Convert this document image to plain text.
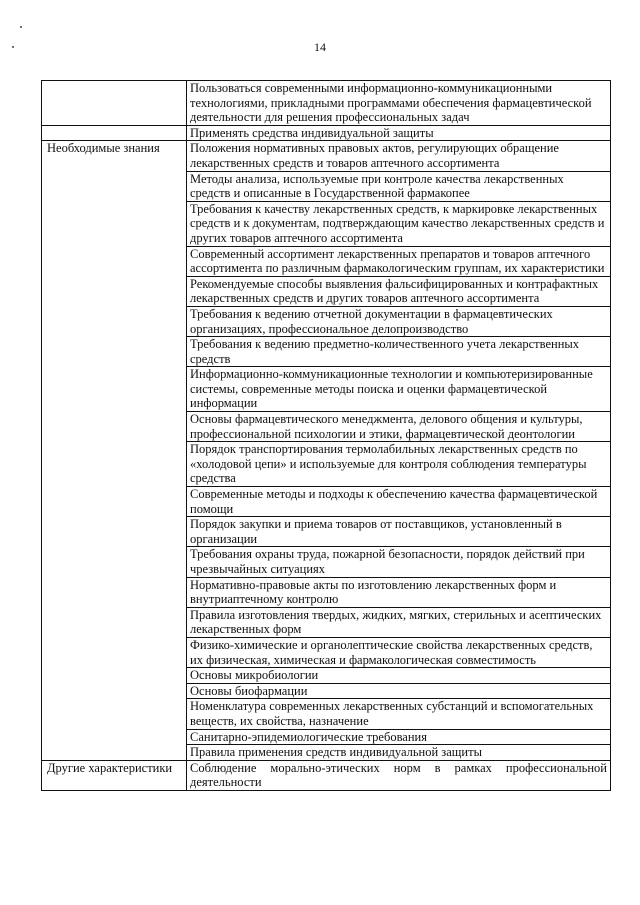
14
	Пользоваться современными информационно-коммуникационными технологиями, прикладными программами обеспечения фармацевтической деятельности для решения профессиональных задач
	Применять средства индивидуальной защиты
Необходимые знания	Положения нормативных правовых актов, регулирующих обращение лекарственных средств и товаров аптечного ассортимента
	Методы анализа, используемые при контроле качества лекарственных средств и описанные в Государственной фармакопее
	Требования к качеству лекарственных средств, к маркировке лекарственных средств и к документам, подтверждающим качество лекарственных средств и других товаров аптечного ассортимента
	Современный ассортимент лекарственных препаратов и товаров аптечного ассортимента по различным фармакологическим группам, их характеристики
	Рекомендуемые способы выявления фальсифицированных и контрафактных лекарственных средств и других товаров аптечного ассортимента
	Требования к ведению отчетной документации в фармацевтических организациях, профессиональное делопроизводство
	Требования к ведению предметно-количественного учета лекарственных средств
	Информационно-коммуникационные технологии и компьютеризированные системы, современные методы поиска и оценки фармацевтической информации
	Основы фармацевтического менеджмента, делового общения и культуры, профессиональной психологии и этики, фармацевтической деонтологии
	Порядок транспортирования термолабильных лекарственных средств по «холодовой цепи» и используемые для контроля соблюдения температуры средства
	Современные методы и подходы к обеспечению качества фармацевтической помощи
	Порядок закупки и приема товаров от поставщиков, установленный в организации
	Требования охраны труда, пожарной безопасности, порядок действий при чрезвычайных ситуациях
	Нормативно-правовые акты по изготовлению лекарственных форм и внутриаптечному контролю
	Правила изготовления твердых, жидких, мягких, стерильных и асептических лекарственных форм
	Физико-химические и органолептические свойства лекарственных средств, их физическая, химическая и фармакологическая совместимость
	Основы микробиологии
	Основы биофармации
	Номенклатура современных лекарственных субстанций и вспомогательных веществ, их свойства, назначение
	Санитарно-эпидемиологические требования
	Правила применения средств индивидуальной защиты
Другие характеристики	Соблюдение морально-этических норм в рамках профессиональной деятельности
